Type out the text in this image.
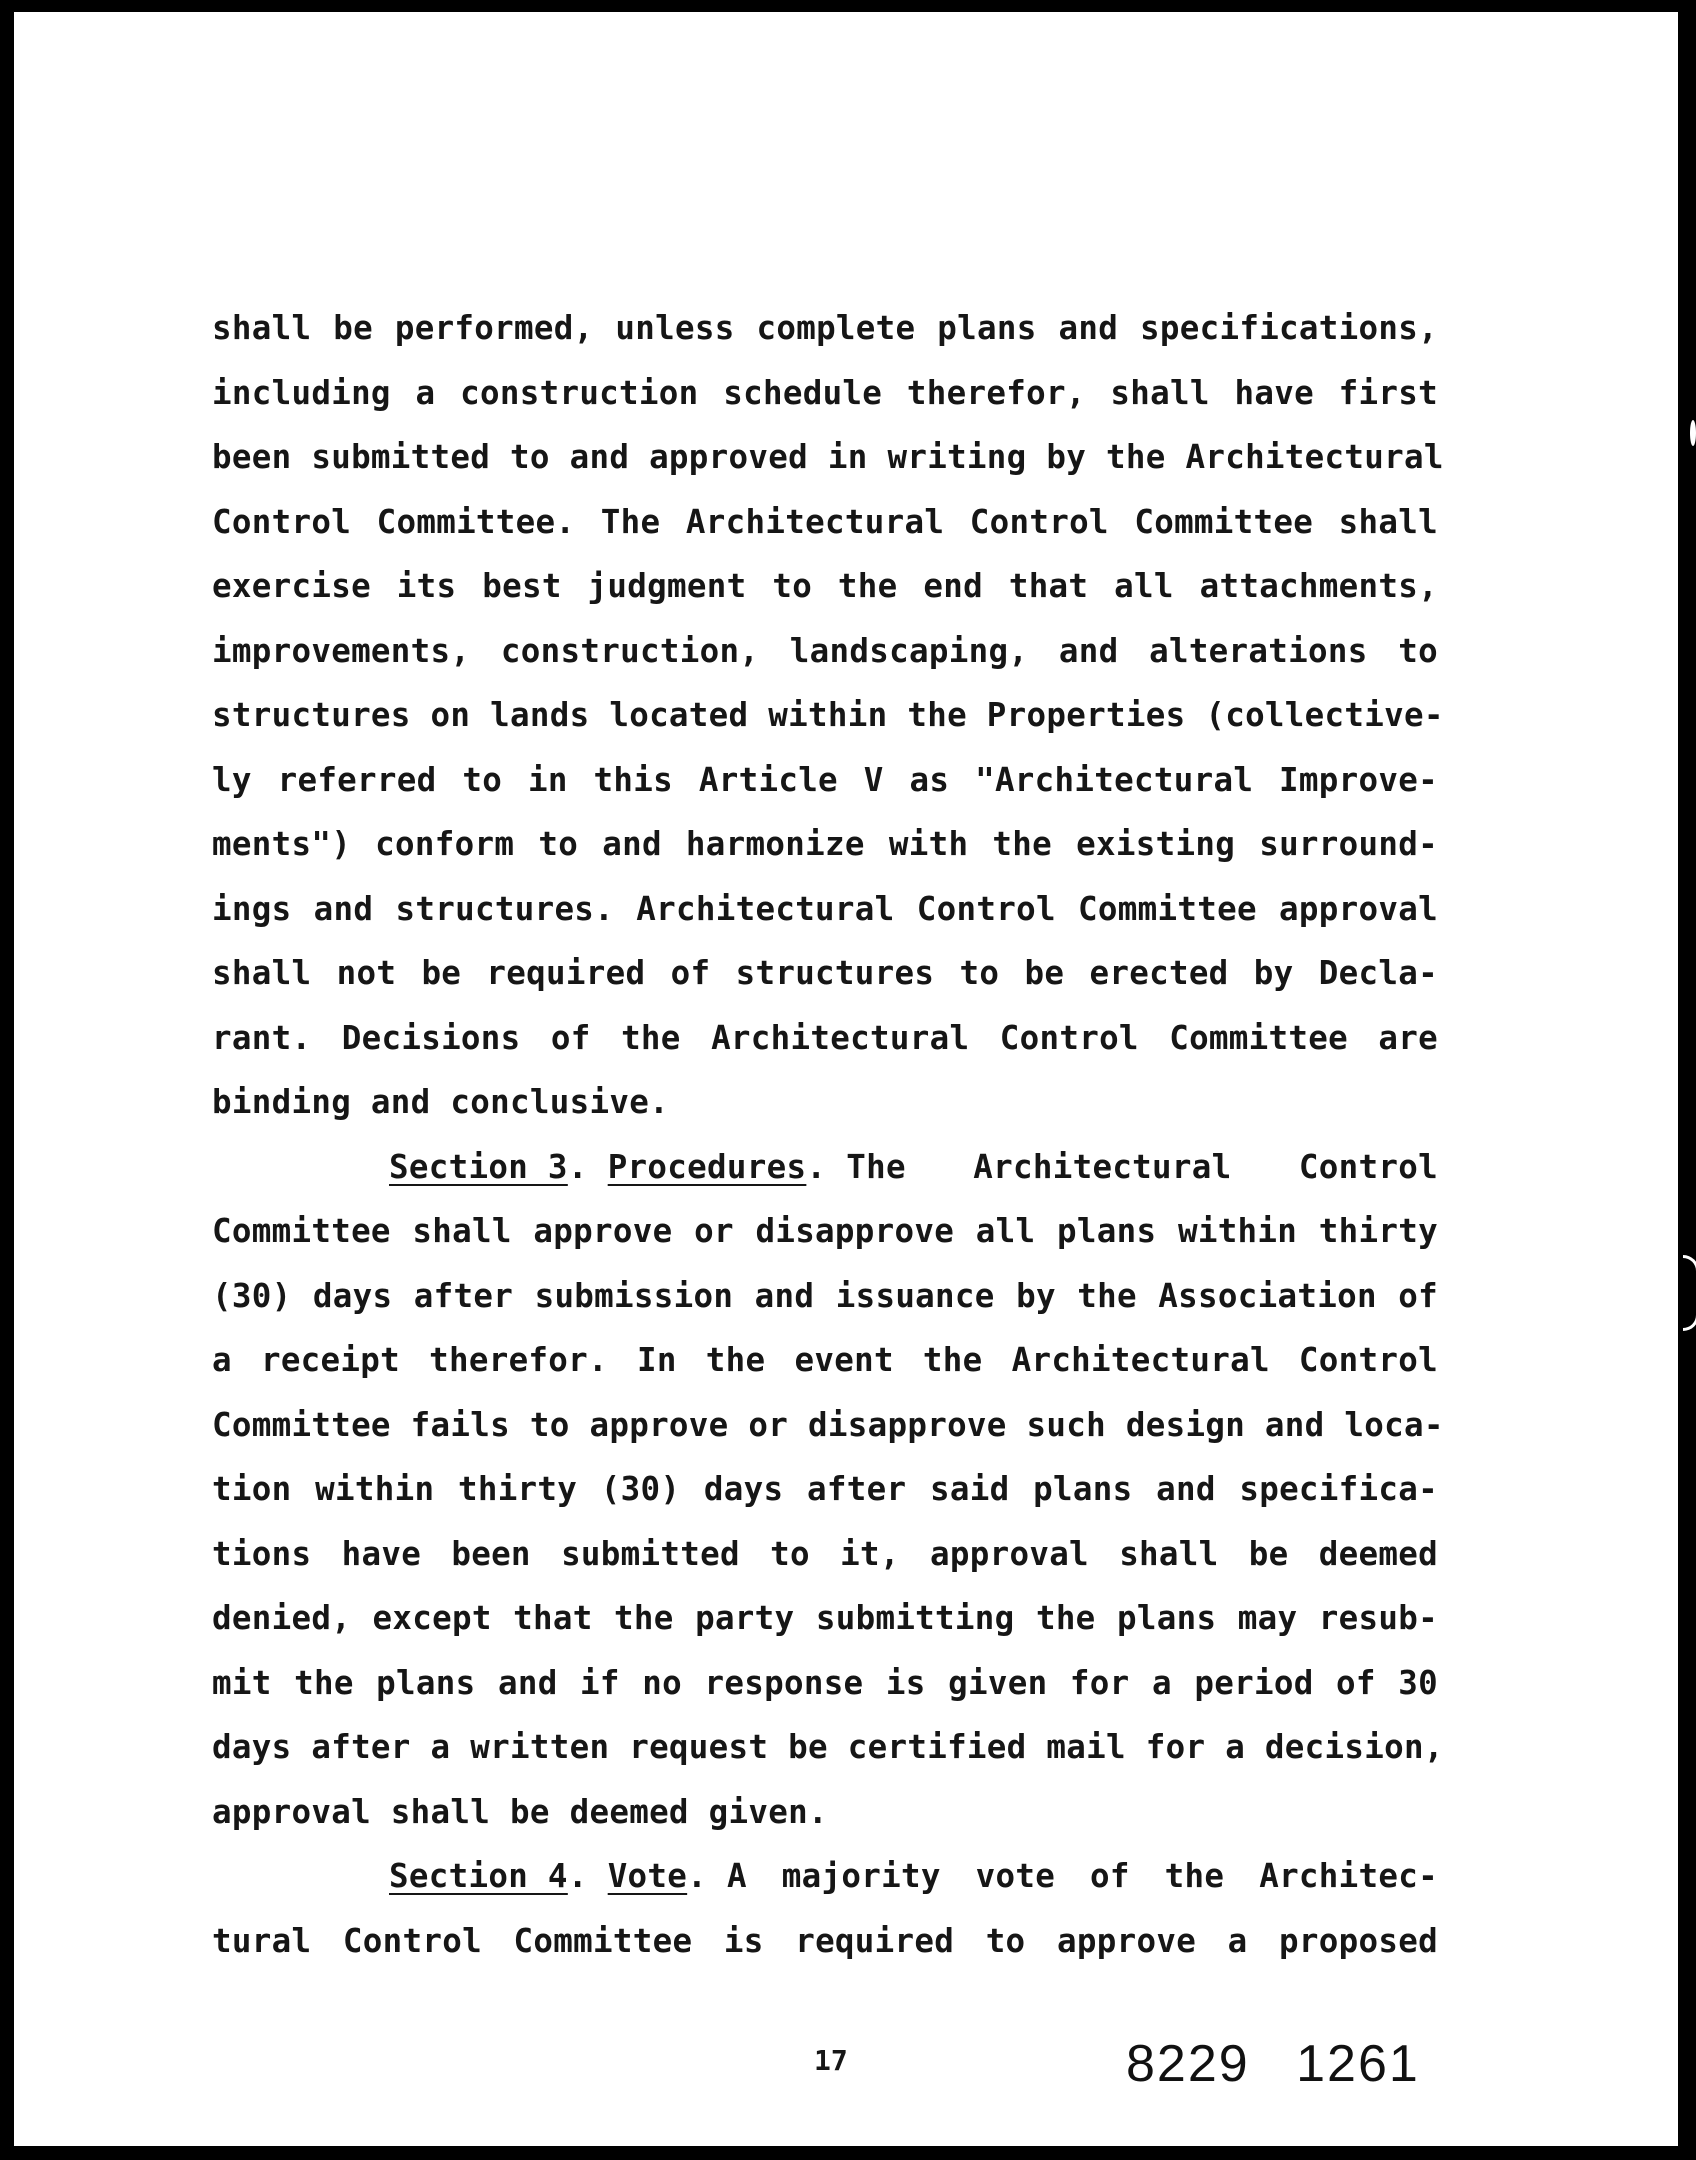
shall be performed, unless complete plans and specifications,
including a construction schedule therefor, shall have first
been submitted to and approved in writing by the Architectural
Control Committee. The Architectural Control Committee shall
exercise its best judgment to the end that all attachments,
improvements, construction, landscaping, and alterations to
structures on lands located within the Properties (collective-
ly referred to in this Article V as "Architectural Improve-
ments") conform to and harmonize with the existing surround-
ings and structures. Architectural Control Committee approval
shall not be required of structures to be erected by Decla-
rant. Decisions of the Architectural Control Committee are
binding and conclusive.
Section 3. Procedures. The Architectural Control
Committee shall approve or disapprove all plans within thirty
(30) days after submission and issuance by the Association of
a receipt therefor. In the event the Architectural Control
Committee fails to approve or disapprove such design and loca-
tion within thirty (30) days after said plans and specifica-
tions have been submitted to it, approval shall be deemed
denied, except that the party submitting the plans may resub-
mit the plans and if no response is given for a period of 30
days after a written request be certified mail for a decision,
approval shall be deemed given.
Section 4. Vote. A majority vote of the Architec-
tural Control Committee is required to approve a proposed
17	8229 1261
